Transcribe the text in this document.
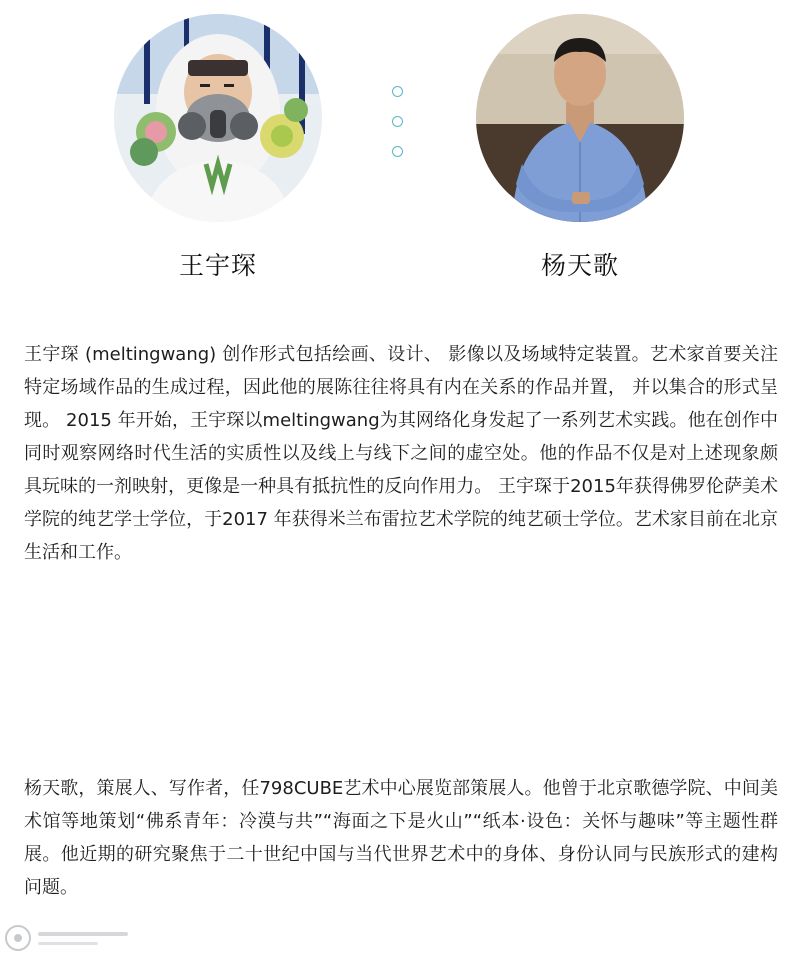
王宇琛	杨天歌

王宇琛 (meltingwang) 创作形式包括绘画、设计、 影像以及场域特定装置。艺术家首要关注特定场域作品的生成过程，因此他的展陈往往将具有内在关系的作品并置， 并以集合的形式呈现。 2015 年开始，王宇琛以meltingwang为其网络化身发起了一系列艺术实践。他在创作中同时观察网络时代生活的实质性以及线上与线下之间的虚空处。他的作品不仅是对上述现象颇具玩味的一剂映射，更像是一种具有抵抗性的反向作用力。 王宇琛于2015年获得佛罗伦萨美术学院的纯艺学士学位，于2017 年获得米兰布雷拉艺术学院的纯艺硕士学位。艺术家目前在北京生活和工作。

杨天歌，策展人、写作者，任798CUBE艺术中心展览部策展人。他曾于北京歌德学院、中间美术馆等地策划“佛系青年：冷漠与共”“海面之下是火山”“纸本·设色：关怀与趣味”等主题性群展。他近期的研究聚焦于二十世纪中国与当代世界艺术中的身体、身份认同与民族形式的建构问题。
